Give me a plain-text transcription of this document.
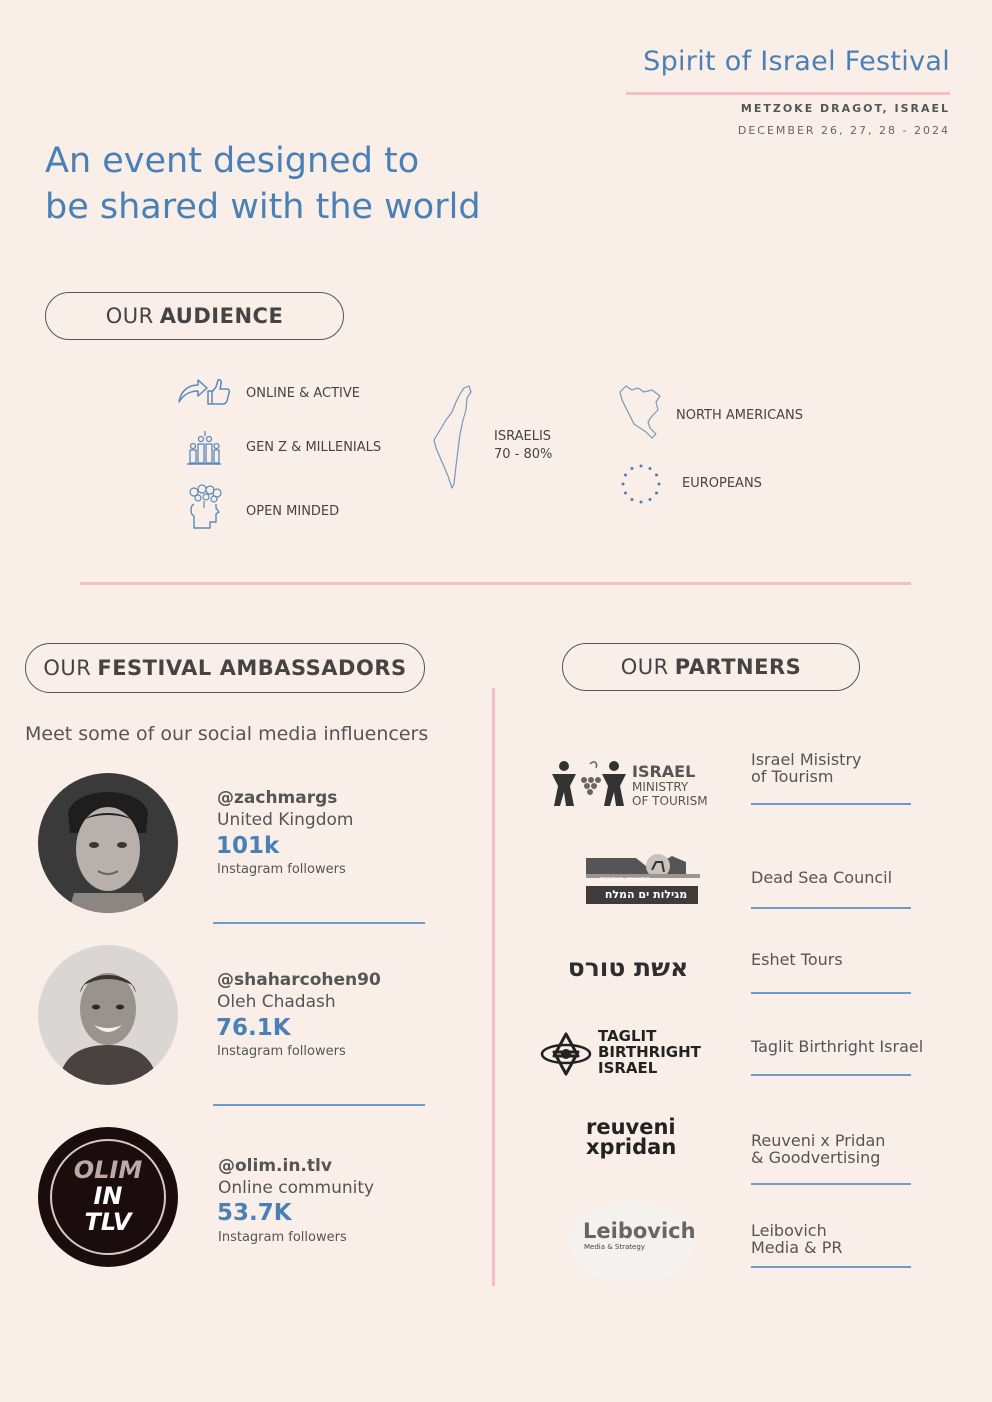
Spirit of Israel Festival
METZOKE DRAGOT, ISRAEL
DECEMBER 26, 27, 28 - 2024
An event designed to
be shared with the world
OUR AUDIENCE
ONLINE & ACTIVE
GEN Z & MILLENIALS
OPEN MINDED
ISRAELIS
70 - 80%
NORTH AMERICANS
EUROPEANS
OUR FESTIVAL AMBASSADORS
Meet some of our social media influencers
@zachmargs
United Kingdom
101k
Instagram followers
@shaharcohen90
Oleh Chadash
76.1K
Instagram followers
OLIM
IN
TLV
@olim.in.tlv
Online community
53.7K
Instagram followers
OUR PARTNERS
ISRAEL
MINISTRY
OF TOURISM
Israel Misistry
of Tourism
המועצה האזורית
מגילות ים המלח
Dead Sea Council
אשת טורס	Eshet Tours
TAGLIT
BIRTHRIGHT
ISRAEL
Taglit Birthright Israel
reuveni
xpridan	Reuveni x Pridan
& Goodvertising
Leibovich
Media & Strategy
Leibovich
Media & PR
